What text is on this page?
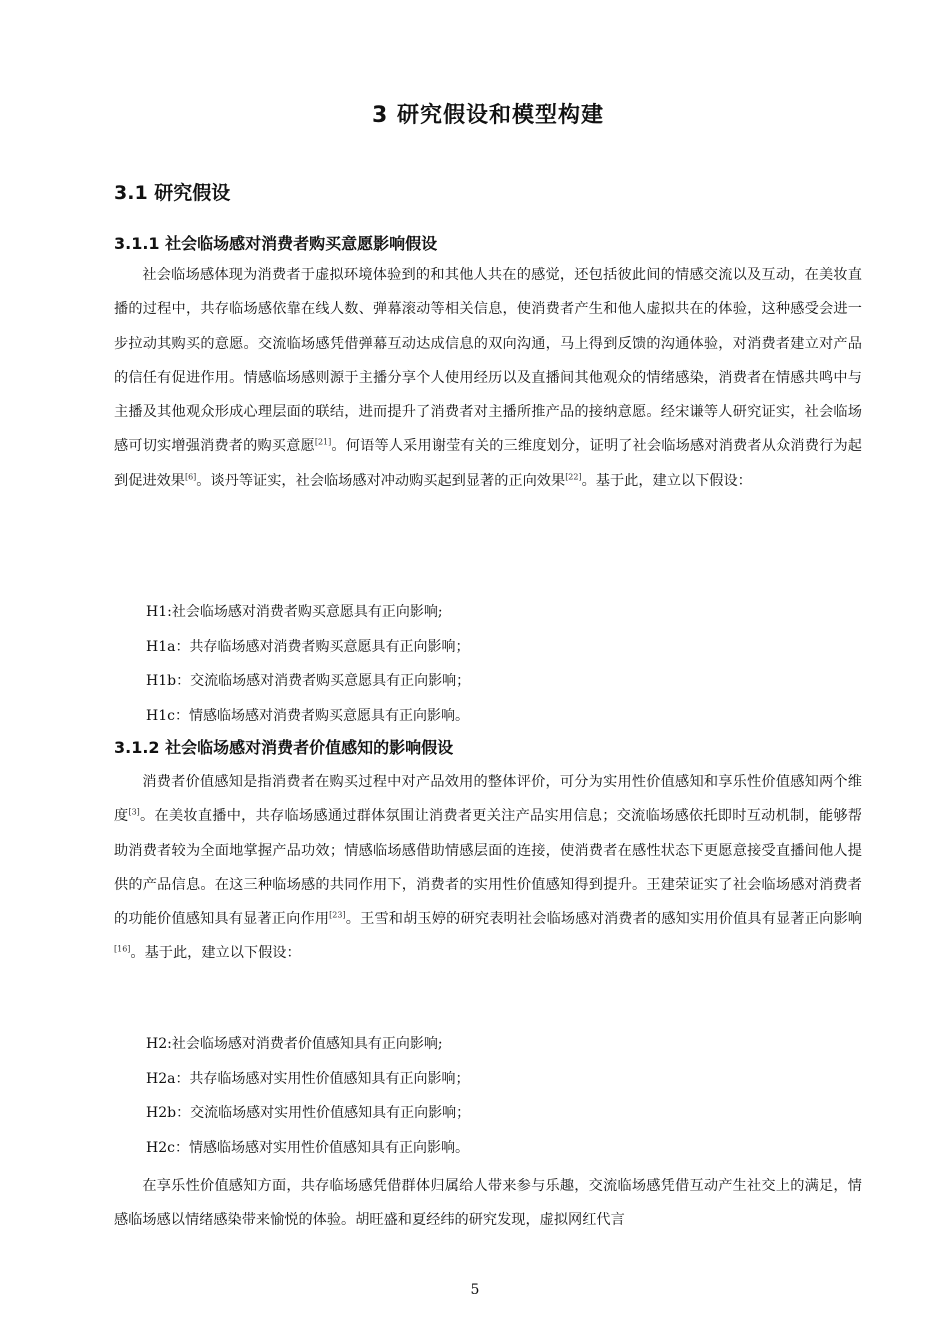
3 研究假设和模型构建
3.1 研究假设
3.1.1 社会临场感对消费者购买意愿影响假设

社会临场感体现为消费者于虚拟环境体验到的和其他人共在的感觉，还包括彼此间的情感交流以及互动，在美妆直播的过程中，共存临场感依靠在线人数、弹幕滚动等相关信息，使消费者产生和他人虚拟共在的体验，这种感受会进一步拉动其购买的意愿。交流临场感凭借弹幕互动达成信息的双向沟通，马上得到反馈的沟通体验，对消费者建立对产品的信任有促进作用。情感临场感则源于主播分享个人使用经历以及直播间其他观众的情绪感染，消费者在情感共鸣中与主播及其他观众形成心理层面的联结，进而提升了消费者对主播所推产品的接纳意愿。经宋谦等人研究证实，社会临场感可切实增强消费者的购买意愿[21]。何语等人采用谢莹有关的三维度划分，证明了社会临场感对消费者从众消费行为起到促进效果[6]。谈丹等证实，社会临场感对冲动购买起到显著的正向效果[22]。基于此，建立以下假设：

H1:社会临场感对消费者购买意愿具有正向影响;

H1a：共存临场感对消费者购买意愿具有正向影响；

H1b：交流临场感对消费者购买意愿具有正向影响；

H1c：情感临场感对消费者购买意愿具有正向影响。

3.1.2 社会临场感对消费者价值感知的影响假设

消费者价值感知是指消费者在购买过程中对产品效用的整体评价，可分为实用性价值感知和享乐性价值感知两个维度[3]。在美妆直播中，共存临场感通过群体氛围让消费者更关注产品实用信息；交流临场感依托即时互动机制，能够帮助消费者较为全面地掌握产品功效；情感临场感借助情感层面的连接，使消费者在感性状态下更愿意接受直播间他人提供的产品信息。在这三种临场感的共同作用下，消费者的实用性价值感知得到提升。王建荣证实了社会临场感对消费者的功能价值感知具有显著正向作用[23]。王雪和胡玉婷的研究表明社会临场感对消费者的感知实用价值具有显著正向影响[16]。基于此，建立以下假设：

H2:社会临场感对消费者价值感知具有正向影响;

H2a：共存临场感对实用性价值感知具有正向影响；

H2b：交流临场感对实用性价值感知具有正向影响；

H2c：情感临场感对实用性价值感知具有正向影响。

在享乐性价值感知方面，共存临场感凭借群体归属给人带来参与乐趣，交流临场感凭借互动产生社交上的满足，情感临场感以情绪感染带来愉悦的体验。胡旺盛和夏经纬的研究发现，虚拟网红代言

5
